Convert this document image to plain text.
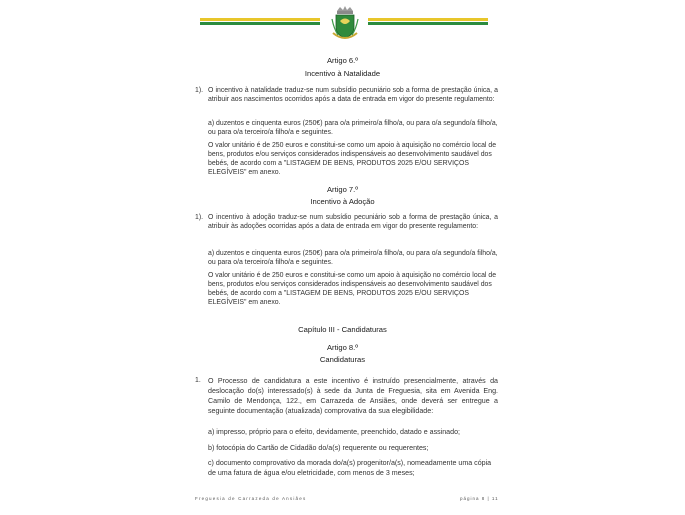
Artigo 6.º
Incentivo à Natalidade
1). O incentivo à natalidade traduz-se num subsídio pecuniário sob a forma de prestação única, a atribuir aos nascimentos ocorridos após a data de entrada em vigor do presente regulamento:
a) duzentos e cinquenta euros (250€) para o/a primeiro/a filho/a, ou para o/a segundo/a filho/a, ou para o/a terceiro/a filho/a e seguintes.
O valor unitário é de 250 euros e constitui-se como um apoio à aquisição no comércio local de bens, produtos e/ou serviços considerados indispensáveis ao desenvolvimento saudável dos bebés, de acordo com a "LISTAGEM DE BENS, PRODUTOS 2025 E/OU SERVIÇOS ELEGÍVEIS" em anexo.
Artigo 7.º
Incentivo à Adoção
1). O incentivo à adoção traduz-se num subsídio pecuniário sob a forma de prestação única, a atribuir às adoções ocorridas após a data de entrada em vigor do presente regulamento:
a) duzentos e cinquenta euros (250€) para o/a primeiro/a filho/a, ou para o/a segundo/a filho/a, ou para o/a terceiro/a filho/a e seguintes.
O valor unitário é de 250 euros e constitui-se como um apoio à aquisição no comércio local de bens, produtos e/ou serviços considerados indispensáveis ao desenvolvimento saudável dos bebés, de acordo com a "LISTAGEM DE BENS, PRODUTOS 2025 E/OU SERVIÇOS ELEGÍVEIS" em anexo.
Capítulo III - Candidaturas
Artigo 8.º
Candidaturas
1. O Processo de candidatura a este incentivo é instruído presencialmente, através da deslocação do(s) interessado(s) à sede da Junta de Freguesia, sita em Avenida Eng. Camilo de Mendonça, 122., em Carrazeda de Ansiães, onde deverá ser entregue a seguinte documentação (atualizada) comprovativa da sua elegibilidade:
a) impresso, próprio para o efeito, devidamente, preenchido, datado e assinado;
b) fotocópia do Cartão de Cidadão do/a(s) requerente ou requerentes;
c) documento comprovativo da morada do/a(s) progenitor/a(s), nomeadamente uma cópia de uma fatura de água e/ou eletricidade, com menos de 3 meses;
Freguesia de Carrazeda de Ansiães	página 8 | 11
